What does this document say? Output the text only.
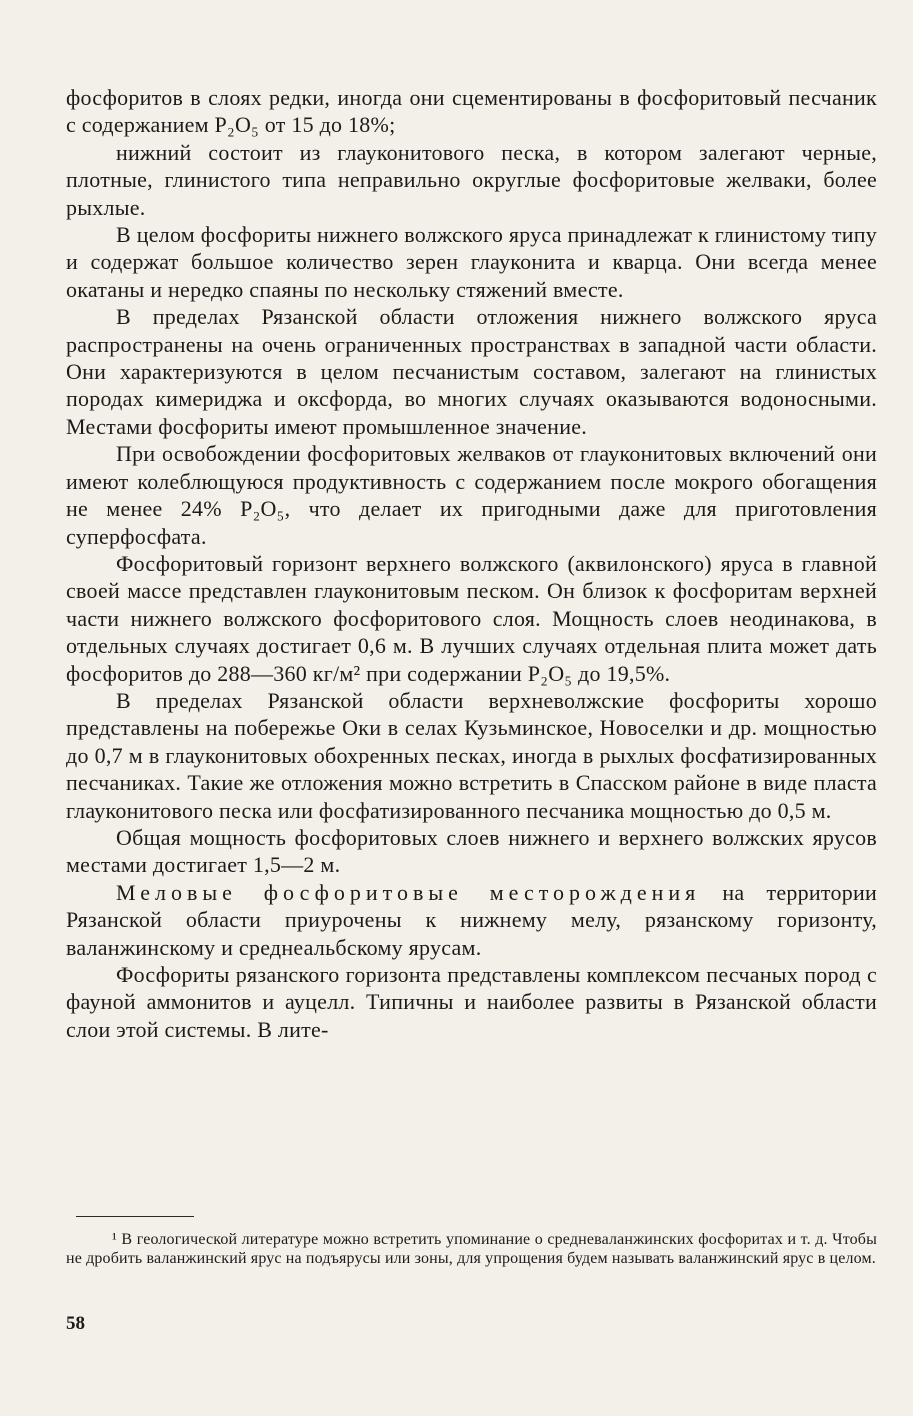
фосфоритов в слоях редки, иногда они сцементированы в фосфоритовый песчаник с содержанием P₂O₅ от 15 до 18%;

нижний состоит из глауконитового песка, в котором залегают черные, плотные, глинистого типа неправильно округлые фосфоритовые желваки, более рыхлые.

В целом фосфориты нижнего волжского яруса принадлежат к глинистому типу и содержат большое количество зерен глауконита и кварца. Они всегда менее окатаны и нередко спаяны по нескольку стяжений вместе.

В пределах Рязанской области отложения нижнего волжского яруса распространены на очень ограниченных пространствах в западной части области. Они характеризуются в целом песчанистым составом, залегают на глинистых породах кимериджа и оксфорда, во многих случаях оказываются водоносными. Местами фосфориты имеют промышленное значение.

При освобождении фосфоритовых желваков от глауконитовых включений они имеют колеблющуюся продуктивность с содержанием после мокрого обогащения не менее 24% P₂O₅, что делает их пригодными даже для приготовления суперфосфата.

Фосфоритовый горизонт верхнего волжского (аквилонского) яруса в главной своей массе представлен глауконитовым песком. Он близок к фосфоритам верхней части нижнего волжского фосфоритового слоя. Мощность слоев неодинакова, в отдельных случаях достигает 0,6 м. В лучших случаях отдельная плита может дать фосфоритов до 288—360 кг/м² при содержании P₂O₅ до 19,5%.

В пределах Рязанской области верхневолжские фосфориты хорошо представлены на побережье Оки в селах Кузьминское, Новоселки и др. мощностью до 0,7 м в глауконитовых обохренных песках, иногда в рыхлых фосфатизированных песчаниках. Такие же отложения можно встретить в Спасском районе в виде пласта глауконитового песка или фосфатизированного песчаника мощностью до 0,5 м.

Общая мощность фосфоритовых слоев нижнего и верхнего волжских ярусов местами достигает 1,5—2 м.

Меловые фосфоритовые месторождения на территории Рязанской области приурочены к нижнему мелу, рязанскому горизонту, валанжинскому и среднеальбскому ярусам.

Фосфориты рязанского горизонта представлены комплексом песчаных пород с фауной аммонитов и ауцелл. Типичны и наиболее развиты в Рязанской области слои этой системы. В лите-

¹ В геологической литературе можно встретить упоминание о средневаланжинских фосфоритах и т. д. Чтобы не дробить валанжинский ярус на подъярусы или зоны, для упрощения будем называть валанжинский ярус в целом.

58
